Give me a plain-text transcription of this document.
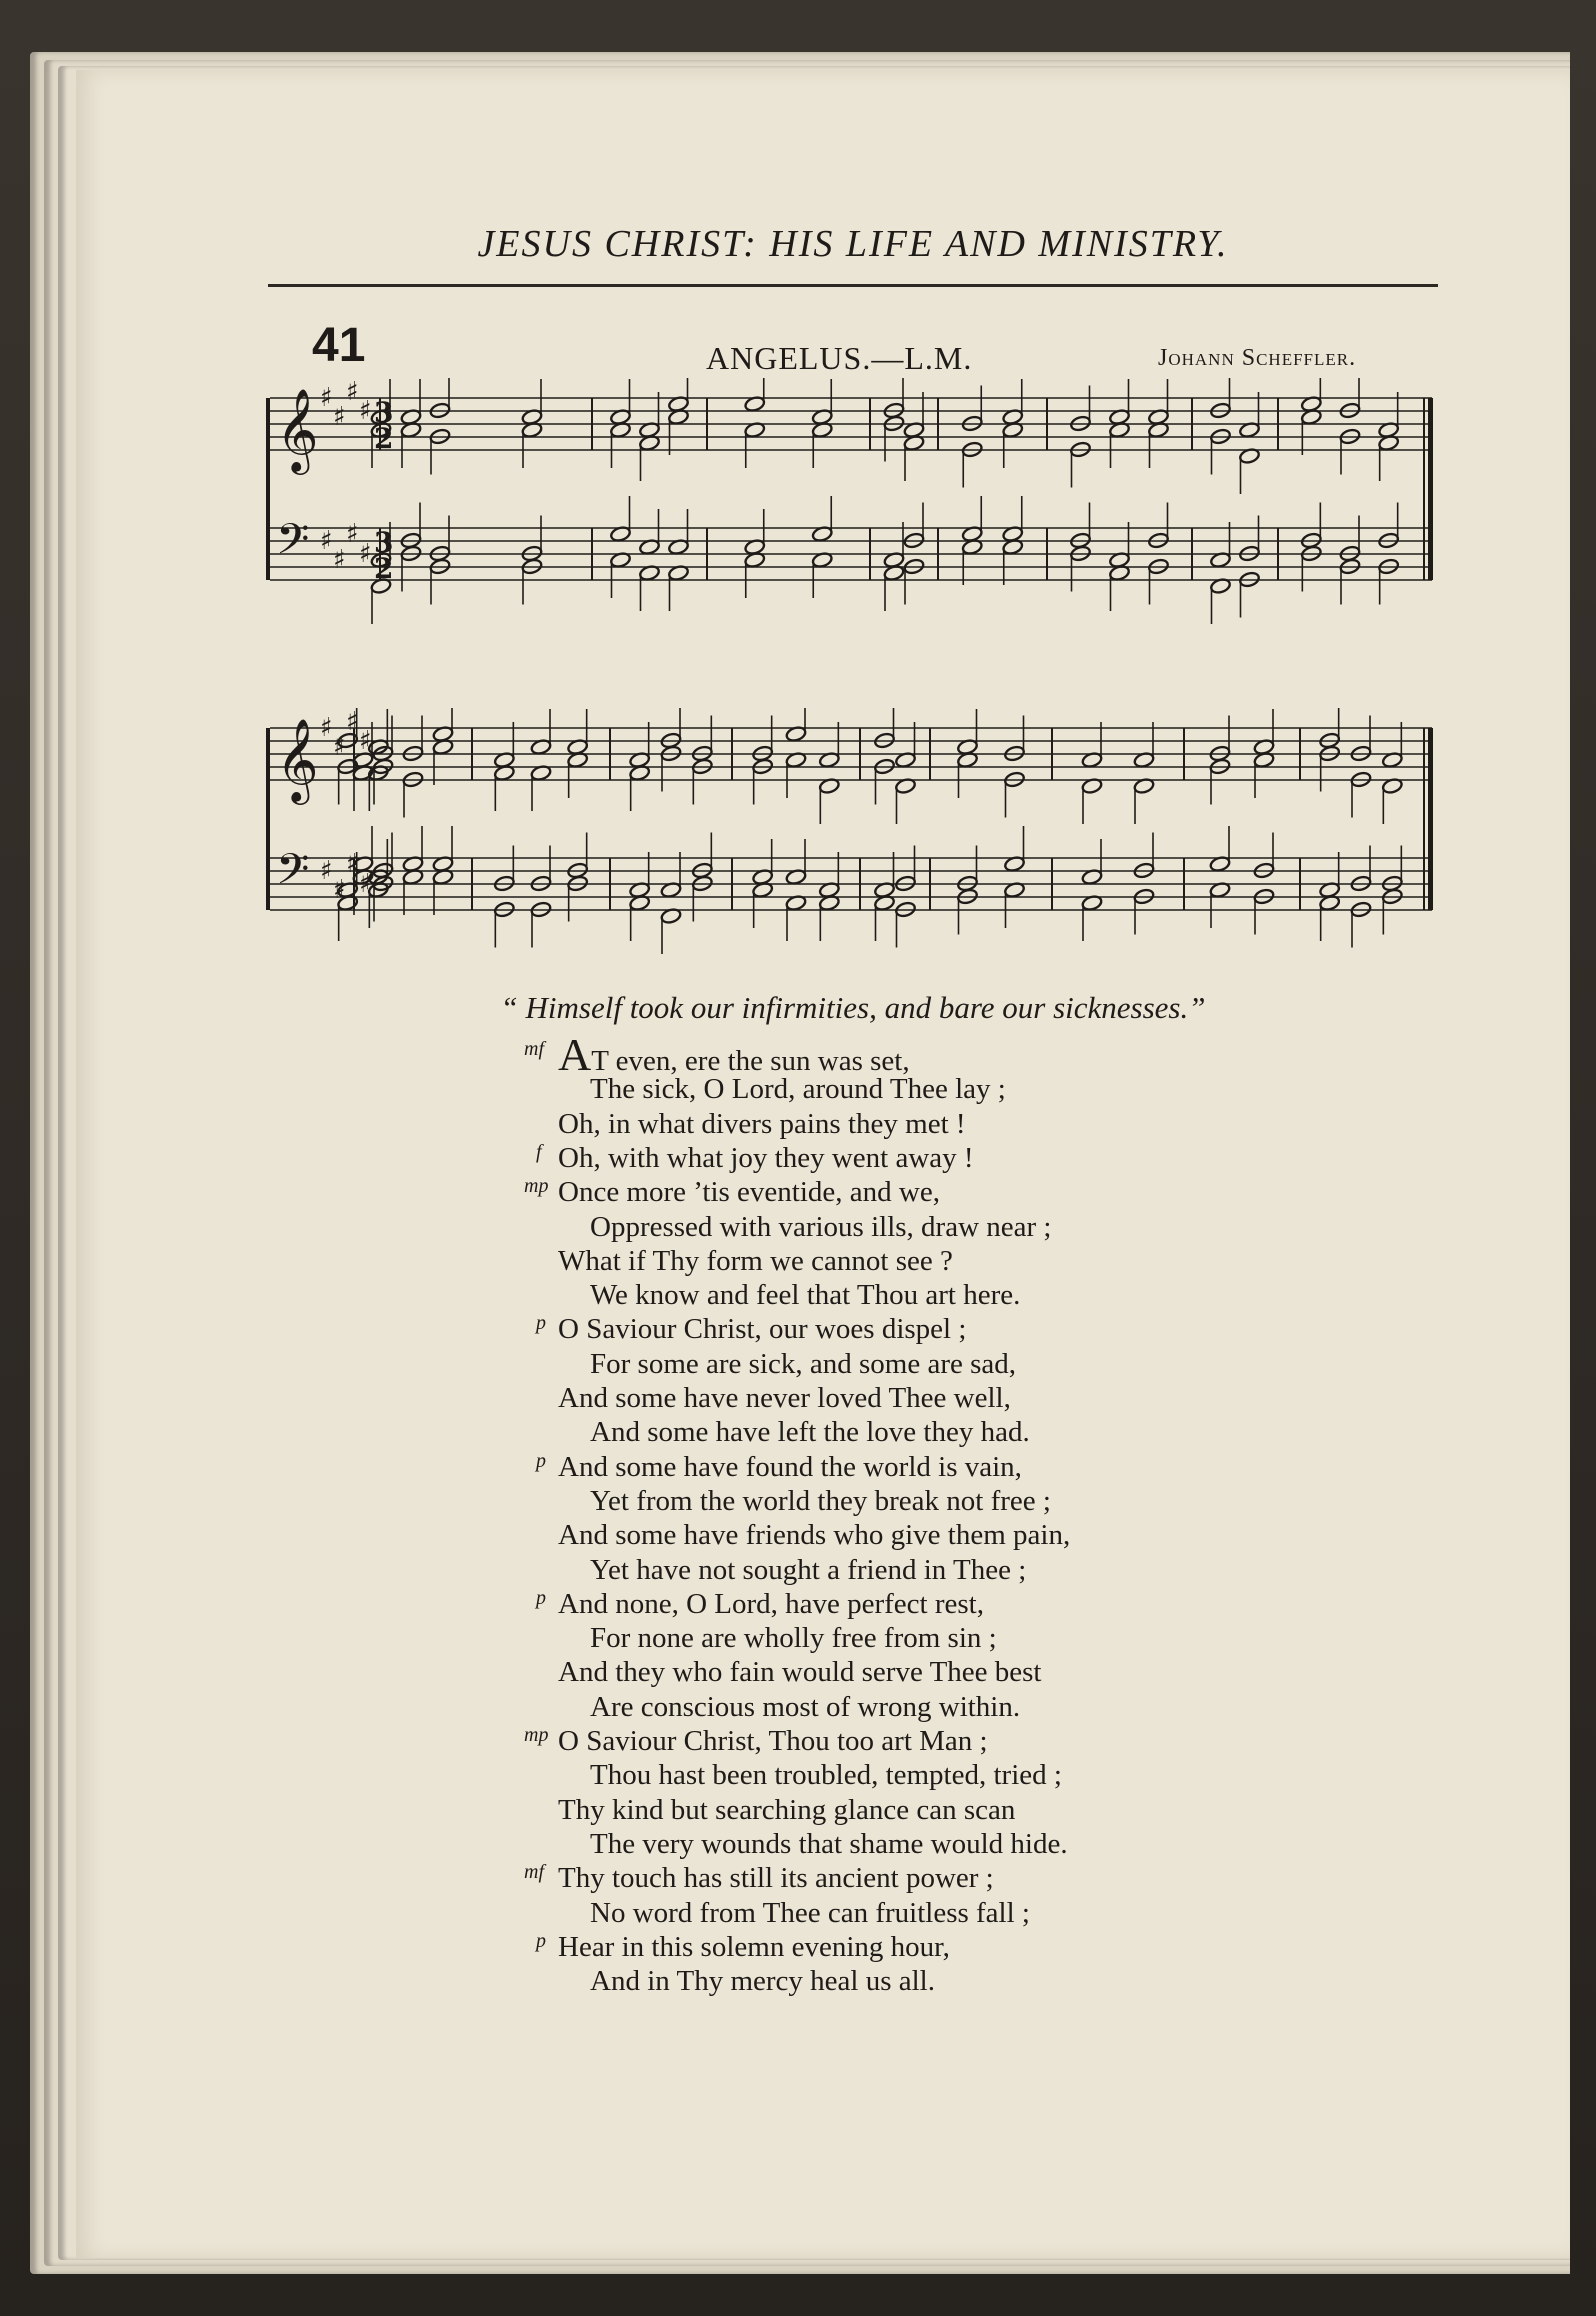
JESUS CHRIST: HIS LIFE AND MINISTRY.
41	ANGELUS.—L.M.	Johann Scheffler.
𝄞 ♯
♯
♯
♯ 3
2
𝄢 ♯
♯
♯
♯ 3
2
𝄞 ♯
♯
♯
♯
𝄢 ♯
♯
♯
♯
“ Himself took our infirmities, and bare our sicknesses.”
mf AT even, ere the sun was set,
The sick, O Lord, around Thee lay ;
Oh, in what divers pains they met !
f Oh, with what joy they went away !
mp Once more ’tis eventide, and we,
Oppressed with various ills, draw near ;
What if Thy form we cannot see ?
We know and feel that Thou art here.
p O Saviour Christ, our woes dispel ;
For some are sick, and some are sad,
And some have never loved Thee well,
And some have left the love they had.
p And some have found the world is vain,
Yet from the world they break not free ;
And some have friends who give them pain,
Yet have not sought a friend in Thee ;
p And none, O Lord, have perfect rest,
For none are wholly free from sin ;
And they who fain would serve Thee best
Are conscious most of wrong within.
mp O Saviour Christ, Thou too art Man ;
Thou hast been troubled, tempted, tried ;
Thy kind but searching glance can scan
The very wounds that shame would hide.
mf Thy touch has still its ancient power ;
No word from Thee can fruitless fall ;
p Hear in this solemn evening hour,
And in Thy mercy heal us all.
